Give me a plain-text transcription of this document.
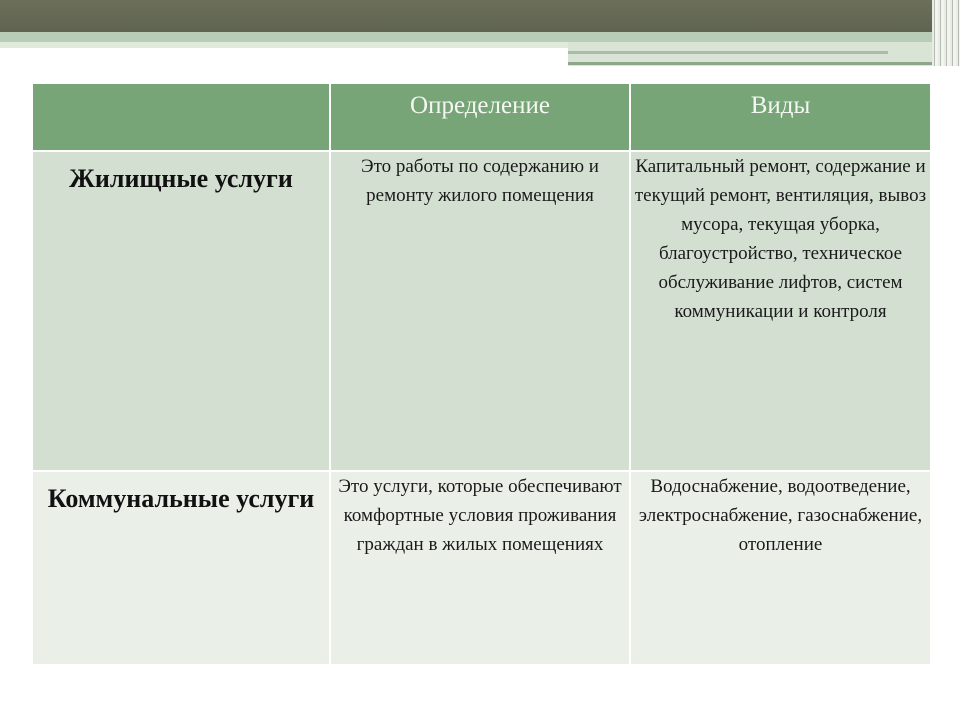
	Определение	Виды
Жилищные услуги	Это работы по содержанию и ремонту жилого помещения	Капитальный ремонт, содержание и текущий ремонт, вентиляция, вывоз мусора, текущая уборка, благоустройство, техническое обслуживание лифтов, систем коммуникации и контроля
Коммунальные услуги	Это услуги, которые обеспечивают комфортные условия проживания граждан в жилых помещениях	Водоснабжение, водоотведение, электроснабжение, газоснабжение, отопление
